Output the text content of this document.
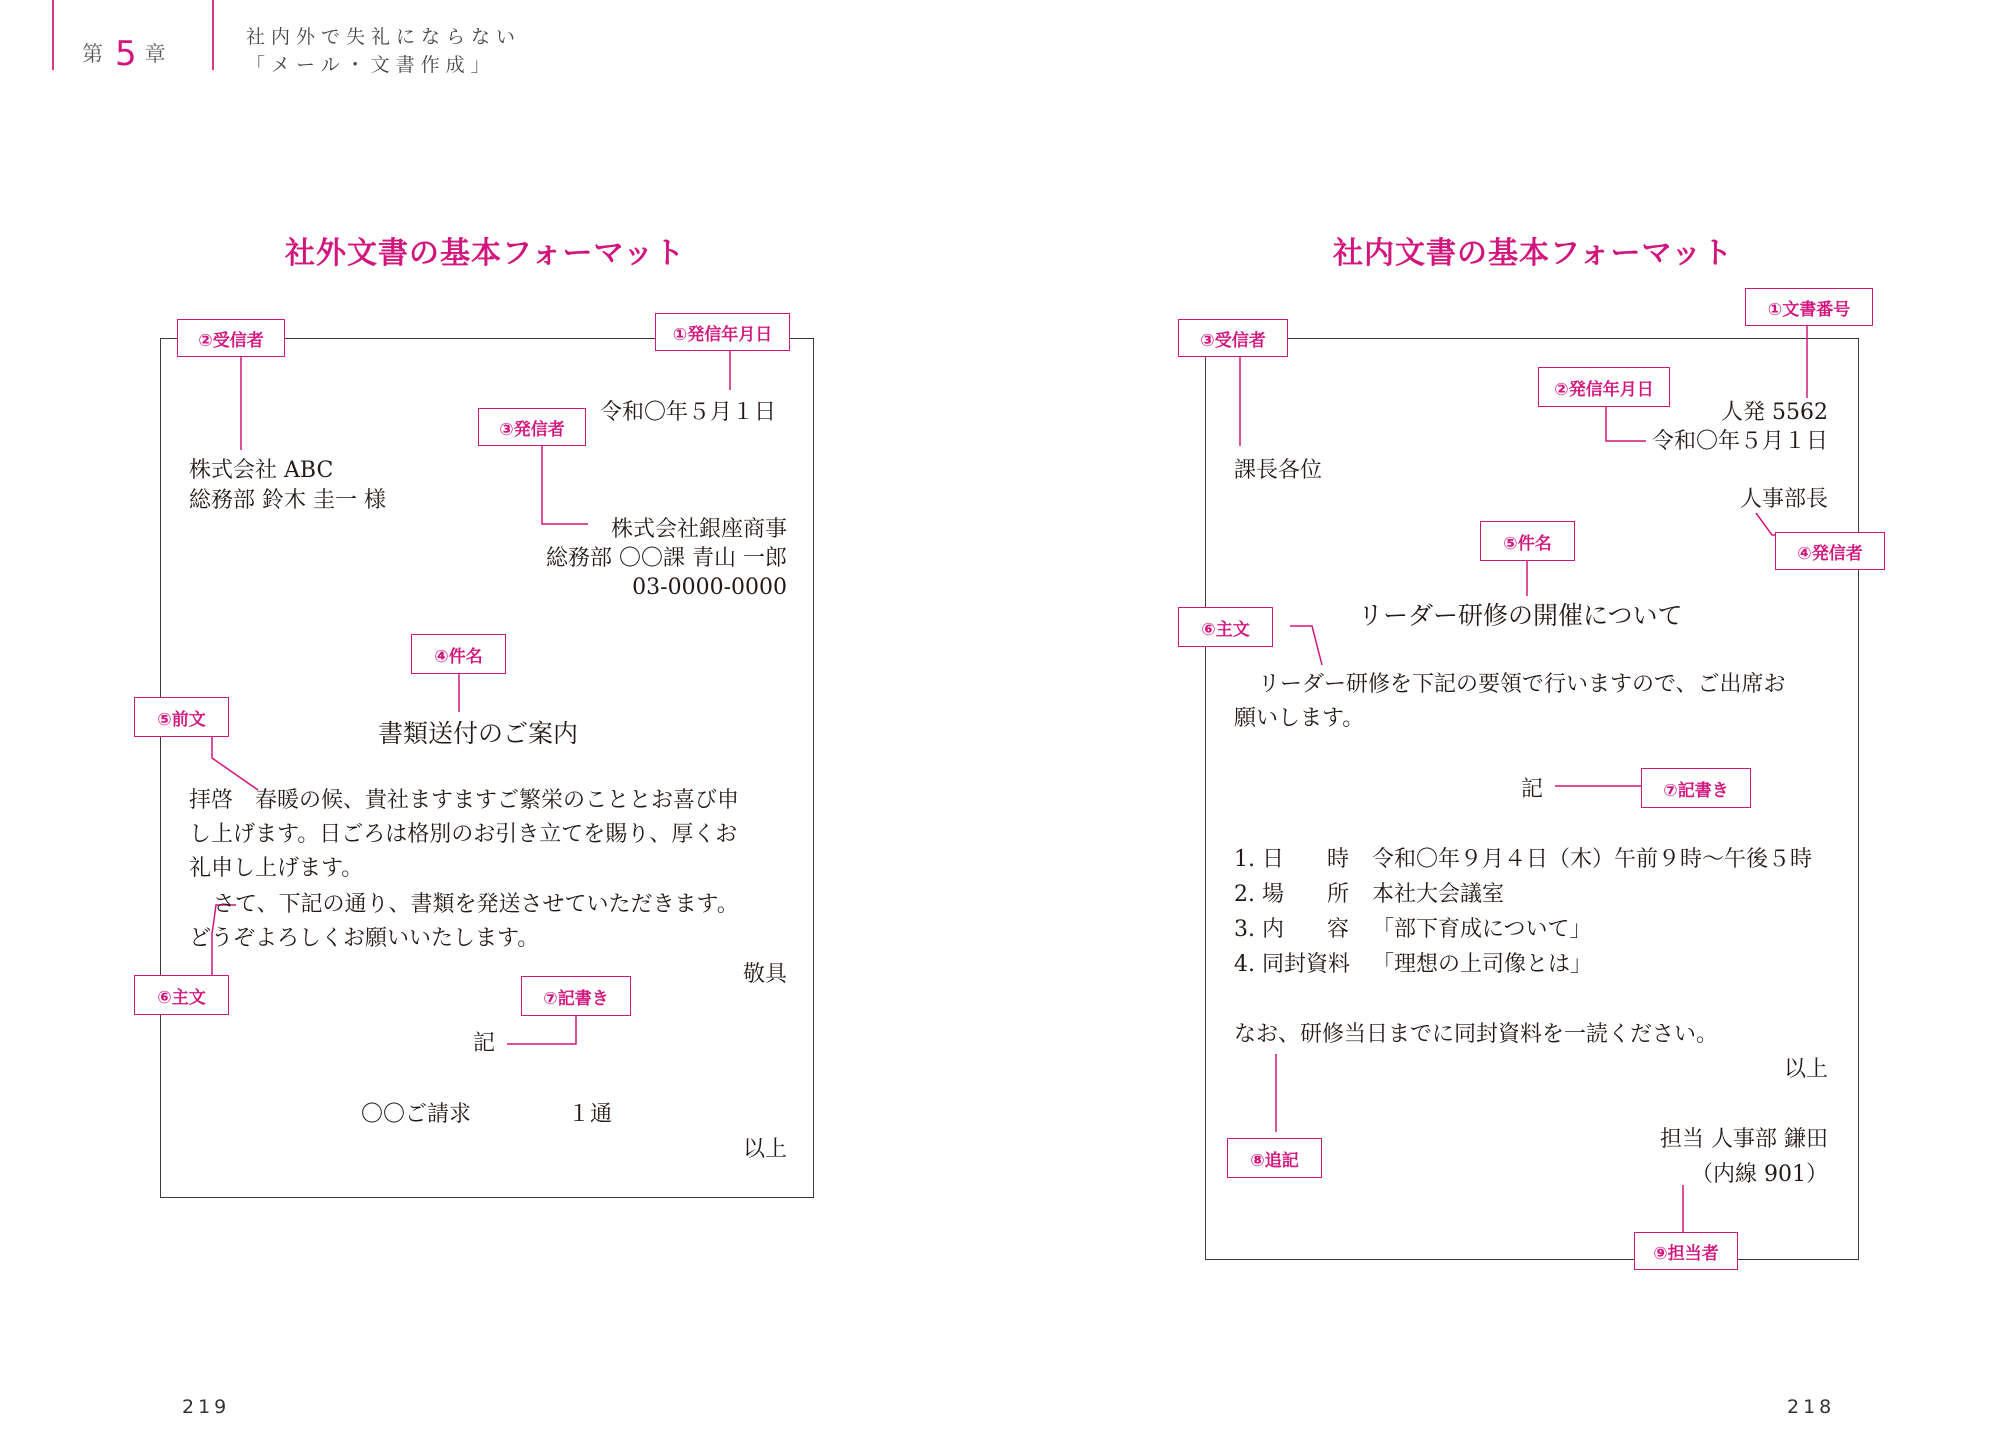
第 5 章
社内外で失礼にならない
「メール・文書作成」
社外文書の基本フォーマット	社内文書の基本フォーマット
②受信者	①発信年月日
③発信者
④件名
⑤前文
⑥主文	⑦記書き
令和〇年５月１日
株式会社 ABC
総務部 鈴木 圭一 様
株式会社銀座商事
総務部 〇〇課 青山 一郎
03-0000-0000
書類送付のご案内
拝啓　春暖の候、貴社ますますご繁栄のこととお喜び申
し上げます。日ごろは格別のお引き立てを賜り、厚くお
礼申し上げます。
さて、下記の通り、書類を発送させていただきます。
どうぞよろしくお願いいたします。
敬具
記
〇〇ご請求	１通
以上
①文書番号
②発信年月日
③受信者
④発信者
⑤件名
⑥主文
⑦記書き
⑧追記
⑨担当者
人発 5562
令和〇年５月１日
課長各位
人事部長
リーダー研修の開催について
リーダー研修を下記の要領で行いますので、ご出席お
願いします。
記
1. 日 時 令和〇年９月４日（木）午前９時〜午後５時
2. 場 所 本社大会議室
3. 内 容 「部下育成について」
4. 同封資料 「理想の上司像とは」
なお、研修当日までに同封資料を一読ください。
以上
担当 人事部 鎌田
（内線 901）
219	218
